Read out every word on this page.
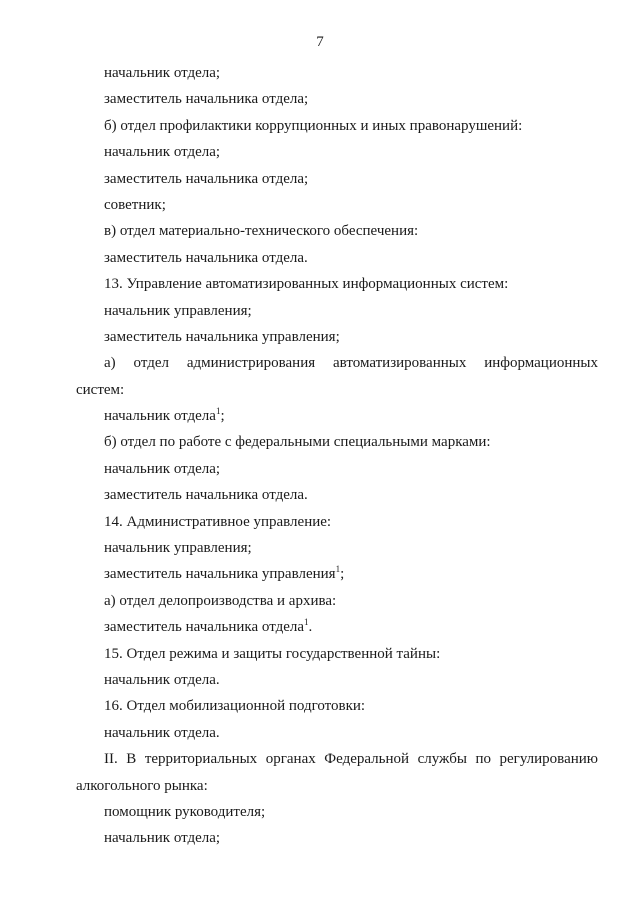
7
начальник отдела;
заместитель начальника отдела;
б) отдел профилактики коррупционных и иных правонарушений:
начальник отдела;
заместитель начальника отдела;
советник;
в) отдел материально-технического обеспечения:
заместитель начальника отдела.
13. Управление автоматизированных информационных систем:
начальник управления;
заместитель начальника управления;
а) отдел администрирования автоматизированных информационных
систем:
начальник отдела$^1$;
б) отдел по работе с федеральными специальными марками:
начальник отдела;
заместитель начальника отдела.
14. Административное управление:
начальник управления;
заместитель начальника управления$^1$;
а) отдел делопроизводства и архива:
заместитель начальника отдела$^1$.
15. Отдел режима и защиты государственной тайны:
начальник отдела.
16. Отдел мобилизационной подготовки:
начальник отдела.
II. В территориальных органах Федеральной службы по регулированию
алкогольного рынка:
помощник руководителя;
начальник отдела;
